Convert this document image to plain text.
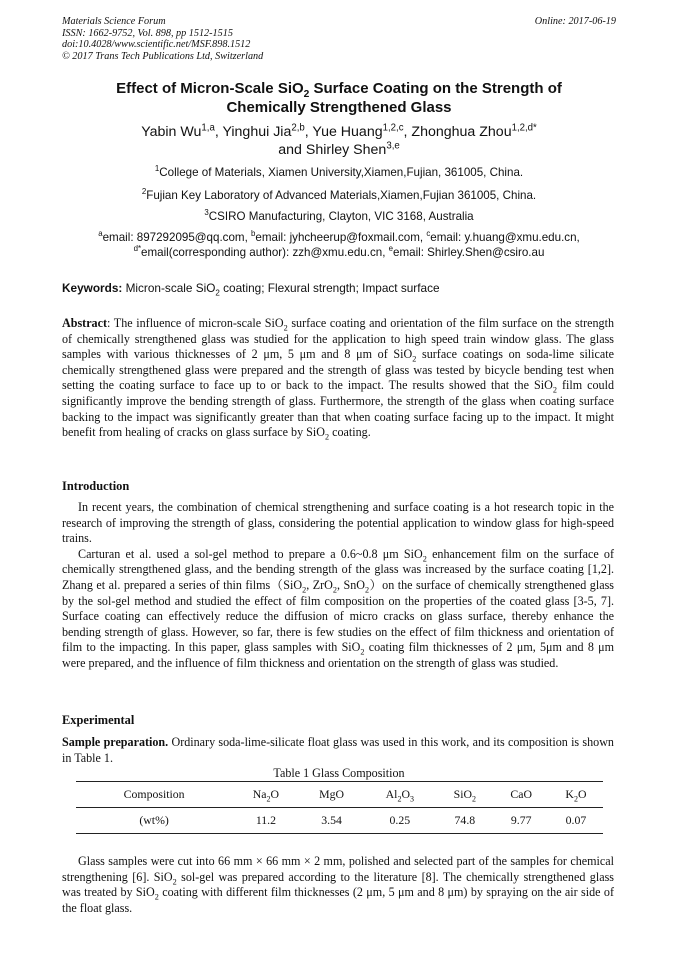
Materials Science Forum
ISSN: 1662-9752, Vol. 898, pp 1512-1515
doi:10.4028/www.scientific.net/MSF.898.1512
© 2017 Trans Tech Publications Ltd, Switzerland
Online: 2017-06-19
Effect of Micron-Scale SiO$_2$ Surface Coating on the Strength of
Chemically Strengthened Glass
Yabin Wu$^{1,a}$, Yinghui Jia$^{2,b}$, Yue Huang$^{1,2,c}$, Zhonghua Zhou$^{1,2,d*}$
and Shirley Shen$^{3,e}$
$^1$College of Materials, Xiamen University,Xiamen,Fujian, 361005, China.
$^2$Fujian Key Laboratory of Advanced Materials,Xiamen,Fujian 361005, China.
$^3$CSIRO Manufacturing, Clayton, VIC 3168, Australia
$^a$email: 897292095@qq.com, $^b$email: jyhcheerup@foxmail.com, $^c$email: y.huang@xmu.edu.cn,
$^{d*}$email(corresponding author): zzh@xmu.edu.cn, $^e$email: Shirley.Shen@csiro.au
Keywords: Micron-scale SiO$_2$ coating; Flexural strength; Impact surface

Abstract: The influence of micron-scale SiO$_2$ surface coating and orientation of the film surface on the strength of chemically strengthened glass was studied for the application to high speed train window glass. The glass samples with various thicknesses of 2 μm, 5 μm and 8 μm of SiO$_2$ surface coatings on soda-lime silicate chemically strengthened glass were prepared and the strength of glass was tested by bicycle bending test when setting the coating surface to face up to or back to the impact. The results showed that the SiO$_2$ film could significantly improve the bending strength of glass. Furthermore, the strength of the glass when coating surface backing to the impact was significantly greater than that when coating surface facing up to the impact. It might benefit from healing of cracks on glass surface by SiO$_2$ coating.

Introduction

In recent years, the combination of chemical strengthening and surface coating is a hot research topic in the research of improving the strength of glass, considering the potential application to window glass for high-speed trains.

Carturan et al. used a sol-gel method to prepare a 0.6~0.8 μm SiO$_2$ enhancement film on the surface of chemically strengthened glass, and the bending strength of the glass was increased by the surface coating [1,2]. Zhang et al. prepared a series of thin films（SiO$_2$, ZrO$_2$, SnO$_2$）on the surface of chemically strengthened glass by the sol-gel method and studied the effect of film composition on the properties of the coated glass [3-5, 7]. Surface coating can effectively reduce the diffusion of micro cracks on glass surface, thereby enhance the bending strength of glass. However, so far, there is few studies on the effect of film thickness and orientation of film to the impacting. In this paper, glass samples with SiO$_2$ coating film thicknesses of 2 μm, 5μm and 8 μm were prepared, and the influence of film thickness and orientation on the strength of glass was studied.

Experimental

Sample preparation. Ordinary soda-lime-silicate float glass was used in this work, and its composition is shown in Table 1.

Table 1 Glass Composition
Composition	$Na_2O$	MgO	$Al_2O_3$	SiO$_2$	CaO	$K_2O$
(wt%)	11.2	3.54	0.25	74.8	9.77	0.07

Glass samples were cut into 66 mm × 66 mm × 2 mm, polished and selected part of the samples for chemical strengthening [6]. SiO$_2$ sol-gel was prepared according to the literature [8]. The chemically strengthened glass was treated by SiO$_2$ coating with different film thicknesses (2 μm, 5 μm and 8 μm) by spraying on the air side of the float glass.
